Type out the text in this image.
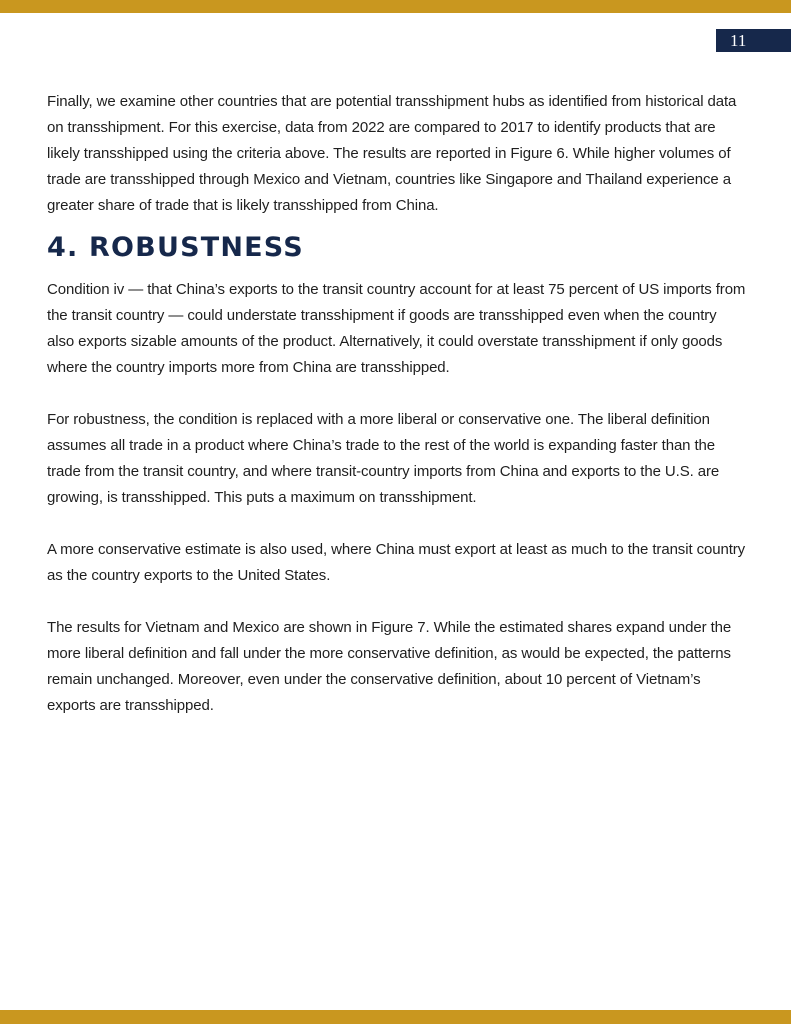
11

Finally, we examine other countries that are potential transshipment hubs as identified from historical data on transshipment. For this exercise, data from 2022 are compared to 2017 to identify products that are likely transshipped using the criteria above. The results are reported in Figure 6. While higher volumes of trade are transshipped through Mexico and Vietnam, countries like Singapore and Thailand experience a greater share of trade that is likely transshipped from China.

4. ROBUSTNESS

Condition iv — that China’s exports to the transit country account for at least 75 percent of US imports from the transit country — could understate transshipment if goods are transshipped even when the country also exports sizable amounts of the product. Alternatively, it could overstate transshipment if only goods where the country imports more from China are transshipped.

For robustness, the condition is replaced with a more liberal or conservative one. The liberal definition assumes all trade in a product where China’s trade to the rest of the world is expanding faster than the trade from the transit country, and where transit-country imports from China and exports to the U.S. are growing, is transshipped. This puts a maximum on transshipment.

A more conservative estimate is also used, where China must export at least as much to the transit country as the country exports to the United States.

The results for Vietnam and Mexico are shown in Figure 7. While the estimated shares expand under the more liberal definition and fall under the more conservative definition, as would be expected, the patterns remain unchanged. Moreover, even under the conservative definition, about 10 percent of Vietnam’s exports are transshipped.
